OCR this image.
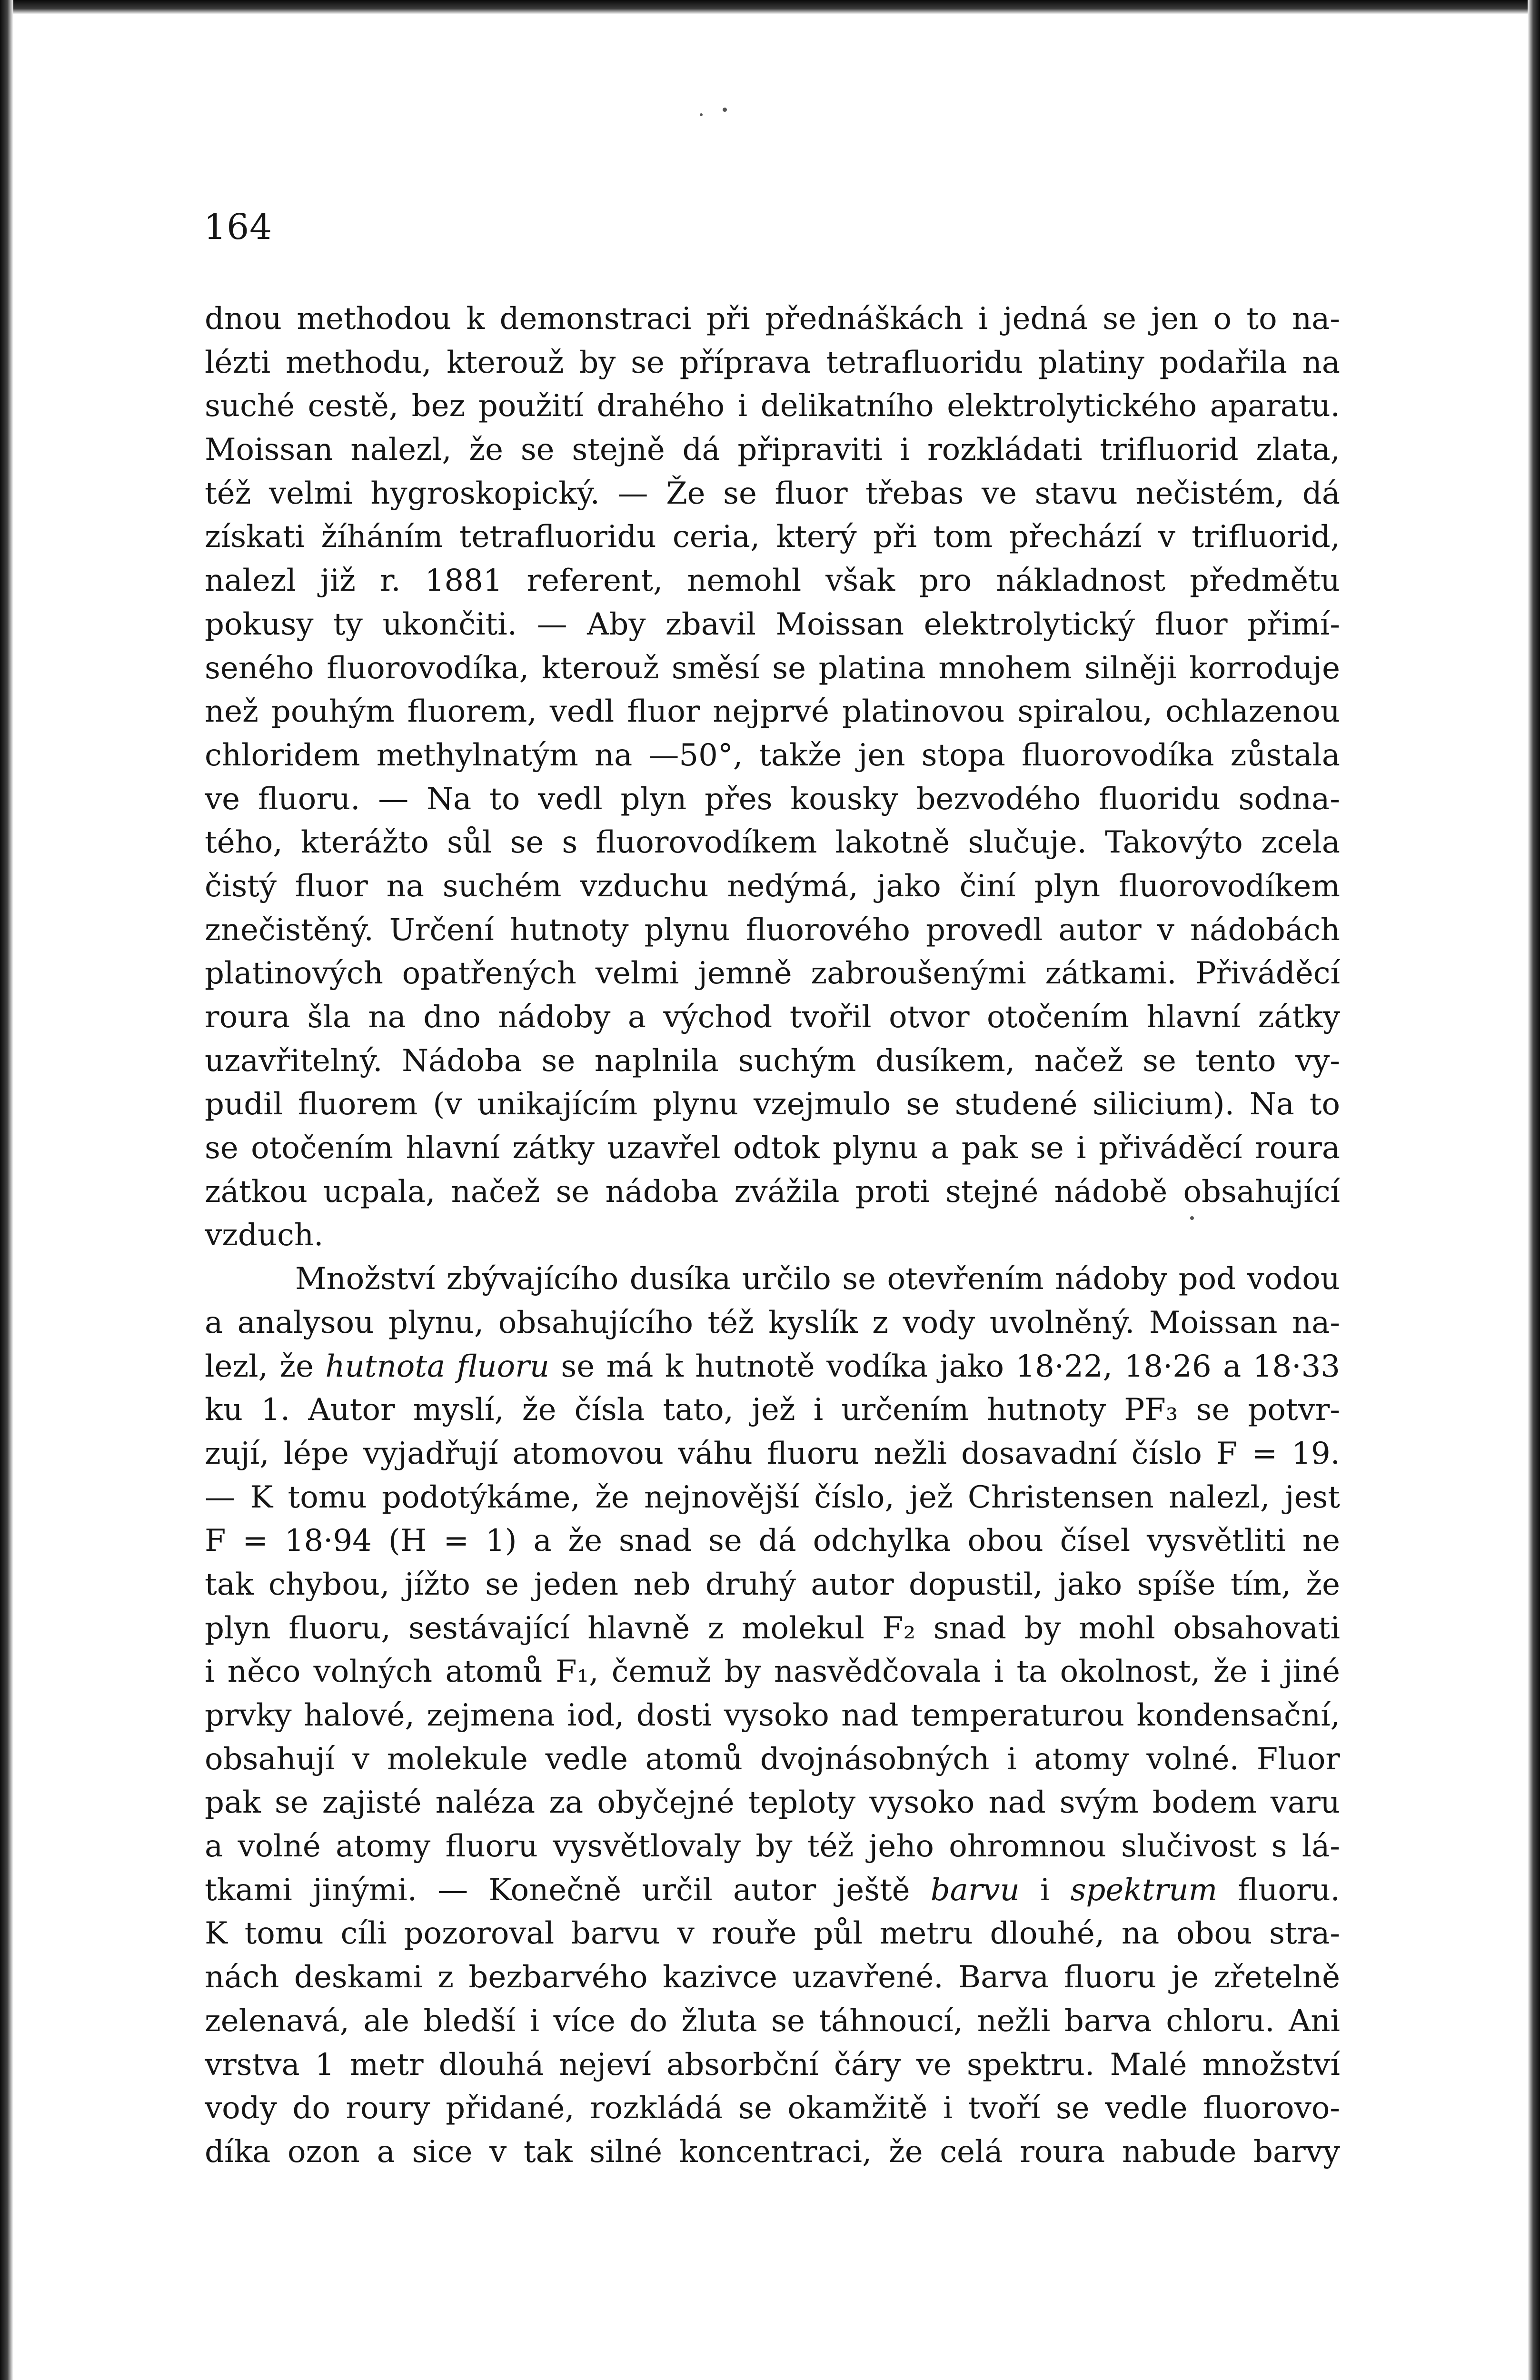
164
dnou methodou k demonstraci při přednáškách i jedná se jen o to na-
lézti methodu, kterouž by se příprava tetrafluoridu platiny podařila na
suché cestě, bez použití drahého i delikatního elektrolytického aparatu.
Moissan nalezl, že se stejně dá připraviti i rozkládati trifluorid zlata,
též velmi hygroskopický. — Že se fluor třebas ve stavu nečistém, dá
získati žíháním tetrafluoridu ceria, který při tom přechází v trifluorid,
nalezl již r. 1881 referent, nemohl však pro nákladnost předmětu
pokusy ty ukončiti. — Aby zbavil Moissan elektrolytický fluor přimí-
seného fluorovodíka, kterouž směsí se platina mnohem silněji korroduje
než pouhým fluorem, vedl fluor nejprvé platinovou spiralou, ochlazenou
chloridem methylnatým na —50°, takže jen stopa fluorovodíka zůstala
ve fluoru. — Na to vedl plyn přes kousky bezvodého fluoridu sodna-
tého, kterážto sůl se s fluorovodíkem lakotně slučuje. Takovýto zcela
čistý fluor na suchém vzduchu nedýmá, jako činí plyn fluorovodíkem
znečistěný. Určení hutnoty plynu fluorového provedl autor v nádobách
platinových opatřených velmi jemně zabroušenými zátkami. Přiváděcí
roura šla na dno nádoby a východ tvořil otvor otočením hlavní zátky
uzavřitelný. Nádoba se naplnila suchým dusíkem, načež se tento vy-
pudil fluorem (v unikajícím plynu vzejmulo se studené silicium). Na to
se otočením hlavní zátky uzavřel odtok plynu a pak se i přiváděcí roura
zátkou ucpala, načež se nádoba zvážila proti stejné nádobě obsahující
vzduch.
Množství zbývajícího dusíka určilo se otevřením nádoby pod vodou
a analysou plynu, obsahujícího též kyslík z vody uvolněný. Moissan na-
lezl, že hutnota fluoru se má k hutnotě vodíka jako 18·22, 18·26 a 18·33
ku 1. Autor myslí, že čísla tato, jež i určením hutnoty PF₃ se potvr-
zují, lépe vyjadřují atomovou váhu fluoru nežli dosavadní číslo F = 19.
— K tomu podotýkáme, že nejnovější číslo, jež Christensen nalezl, jest
F = 18·94 (H = 1) a že snad se dá odchylka obou čísel vysvětliti ne
tak chybou, jížto se jeden neb druhý autor dopustil, jako spíše tím, že
plyn fluoru, sestávající hlavně z molekul F₂ snad by mohl obsahovati
i něco volných atomů F₁, čemuž by nasvědčovala i ta okolnost, že i jiné
prvky halové, zejmena iod, dosti vysoko nad temperaturou kondensační,
obsahují v molekule vedle atomů dvojnásobných i atomy volné. Fluor
pak se zajisté naléza za obyčejné teploty vysoko nad svým bodem varu
a volné atomy fluoru vysvětlovaly by též jeho ohromnou slučivost s lá-
tkami jinými. — Konečně určil autor ještě barvu i spektrum fluoru.
K tomu cíli pozoroval barvu v rouře půl metru dlouhé, na obou stra-
nách deskami z bezbarvého kazivce uzavřené. Barva fluoru je zřetelně
zelenavá, ale bledší i více do žluta se táhnoucí, nežli barva chloru. Ani
vrstva 1 metr dlouhá nejeví absorbční čáry ve spektru. Malé množství
vody do roury přidané, rozkládá se okamžitě i tvoří se vedle fluorovo-
díka ozon a sice v tak silné koncentraci, že celá roura nabude barvy
